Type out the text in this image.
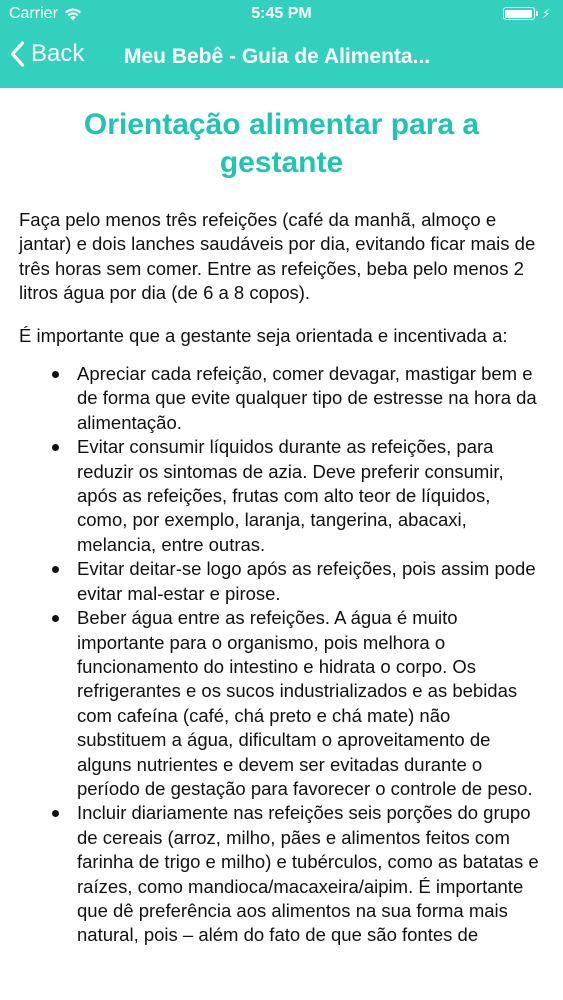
Carrier	5:45 PM	⚡
Back Meu Bebê - Guia de Alimenta...
Orientação alimentar para a gestante

Faça pelo menos três refeições (café da manhã, almoço e jantar) e dois lanches saudáveis por dia, evitando ficar mais de três horas sem comer. Entre as refeições, beba pelo menos 2 litros água por dia (de 6 a 8 copos).

É importante que a gestante seja orientada e incentivada a:

Apreciar cada refeição, comer devagar, mastigar bem e de forma que evite qualquer tipo de estresse na hora da alimentação.
Evitar consumir líquidos durante as refeições, para reduzir os sintomas de azia. Deve preferir consumir, após as refeições, frutas com alto teor de líquidos, como, por exemplo, laranja, tangerina, abacaxi, melancia, entre outras.
Evitar deitar-se logo após as refeições, pois assim pode evitar mal-estar e pirose.
Beber água entre as refeições. A água é muito importante para o organismo, pois melhora o funcionamento do intestino e hidrata o corpo. Os refrigerantes e os sucos industrializados e as bebidas com cafeína (café, chá preto e chá mate) não substituem a água, dificultam o aproveitamento de alguns nutrientes e devem ser evitadas durante o período de gestação para favorecer o controle de peso.
Incluir diariamente nas refeições seis porções do grupo de cereais (arroz, milho, pães e alimentos feitos com farinha de trigo e milho) e tubérculos, como as batatas e raízes, como mandioca/macaxeira/aipim. É importante que dê preferência aos alimentos na sua forma mais natural, pois – além do fato de que são fontes de
